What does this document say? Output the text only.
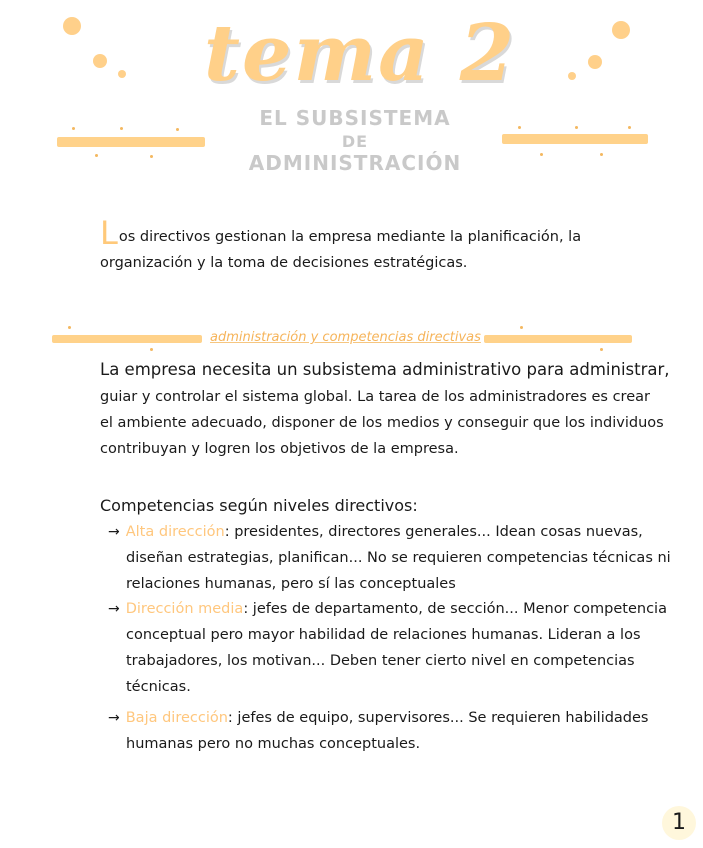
tema 2
EL SUBSISTEMA
DE
ADMINISTRACIÓN
Los directivos gestionan la empresa mediante la planificación, la
organización y la toma de decisiones estratégicas.
administración y competencias directivas
La empresa necesita un subsistema administrativo para administrar,
guiar y controlar el sistema global. La tarea de los administradores es crear
el ambiente adecuado, disponer de los medios y conseguir que los individuos
contribuyan y logren los objetivos de la empresa.
Competencias según niveles directivos:
→ Alta dirección: presidentes, directores generales... Idean cosas nuevas,
diseñan estrategias, planifican... No se requieren competencias técnicas ni
relaciones humanas, pero sí las conceptuales
→ Dirección media: jefes de departamento, de sección... Menor competencia
conceptual pero mayor habilidad de relaciones humanas. Lideran a los
trabajadores, los motivan... Deben tener cierto nivel en competencias
técnicas.
→ Baja dirección: jefes de equipo, supervisores... Se requieren habilidades
humanas pero no muchas conceptuales.
1
